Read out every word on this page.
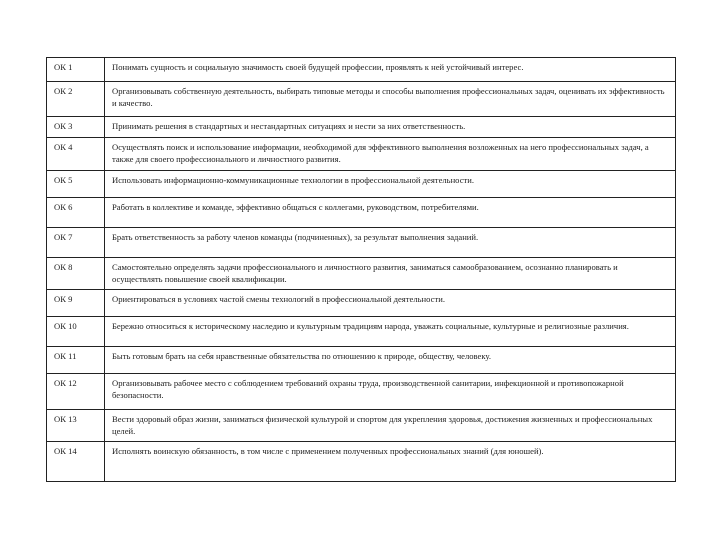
ОК 1	Понимать сущность и социальную значимость своей будущей профессии, проявлять к ней устойчивый интерес.
ОК 2	Организовывать собственную деятельность, выбирать типовые методы и способы выполнения профессиональных задач, оценивать их эффективность и качество.
ОК 3	Принимать решения в стандартных и нестандартных ситуациях и нести за них ответственность.
ОК 4	Осуществлять поиск и использование информации, необходимой для эффективного выполнения возложенных на него профессиональных задач, а также для своего профессионального и личностного развития.
ОК 5	Использовать информационно-коммуникационные технологии в профессиональной деятельности.
ОК 6	Работать в коллективе и команде, эффективно общаться с коллегами, руководством, потребителями.
ОК 7	Брать ответственность за работу членов команды (подчиненных), за результат выполнения заданий.
ОК 8	Самостоятельно определять задачи профессионального и личностного развития, заниматься самообразованием, осознанно планировать и осуществлять повышение своей квалификации.
ОК 9	Ориентироваться в условиях частой смены технологий в профессиональной деятельности.
ОК 10	Бережно относиться к историческому наследию и культурным традициям народа, уважать социальные, культурные и религиозные различия.
ОК 11	Быть готовым брать на себя нравственные обязательства по отношению к природе, обществу, человеку.
ОК 12	Организовывать рабочее место с соблюдением требований охраны труда, производственной санитарии, инфекционной и противопожарной безопасности.
ОК 13	Вести здоровый образ жизни, заниматься физической культурой и спортом для укрепления здоровья, достижения жизненных и профессиональных целей.
ОК 14	Исполнять воинскую обязанность, в том числе с применением полученных профессиональных знаний (для юношей).
